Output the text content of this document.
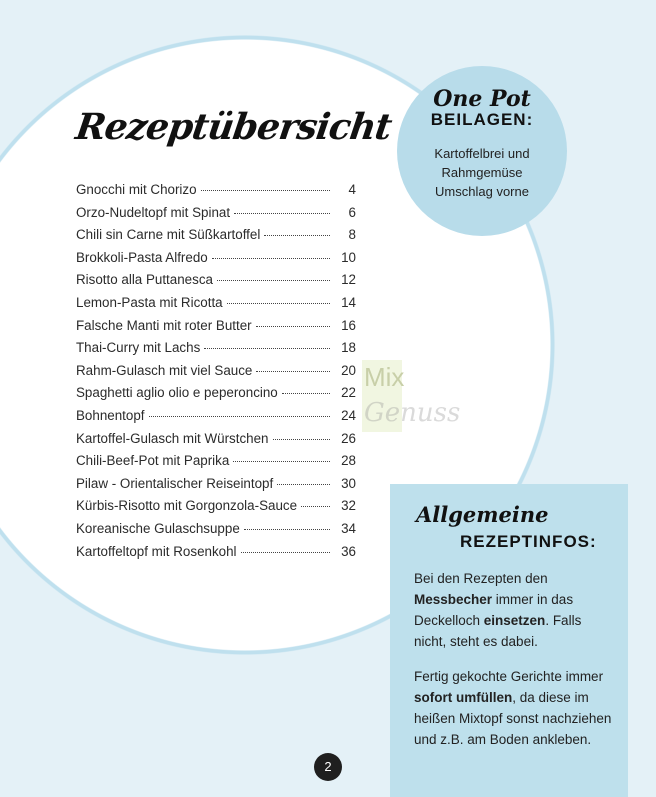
Rezeptübersicht
Gnocchi mit Chorizo	4
Orzo-Nudeltopf mit Spinat	6
Chili sin Carne mit Süßkartoffel	8
Brokkoli-Pasta Alfredo	10
Risotto alla Puttanesca	12
Lemon-Pasta mit Ricotta	14
Falsche Manti mit roter Butter	16
Thai-Curry mit Lachs	18
Rahm-Gulasch mit viel Sauce	20
Spaghetti aglio olio e peperoncino	22
Bohnentopf	24
Kartoffel-Gulasch mit Würstchen	26
Chili-Beef-Pot mit Paprika	28
Pilaw - Orientalischer Reiseintopf	30
Kürbis-Risotto mit Gorgonzola-Sauce	32
Koreanische Gulaschsuppe	34
Kartoffeltopf mit Rosenkohl	36
Mix
Genuss
One Pot
BEILAGEN:
Kartoffelbrei und
Rahmgemüse
Umschlag vorne
Allgemeine
REZEPTINFOS:
Bei den Rezepten den Messbecher immer in das Deckelloch einsetzen. Falls nicht, steht es dabei.
Fertig gekochte Gerichte immer sofort umfüllen, da diese im heißen Mixtopf sonst nachziehen und z.B. am Boden ankleben.
2
